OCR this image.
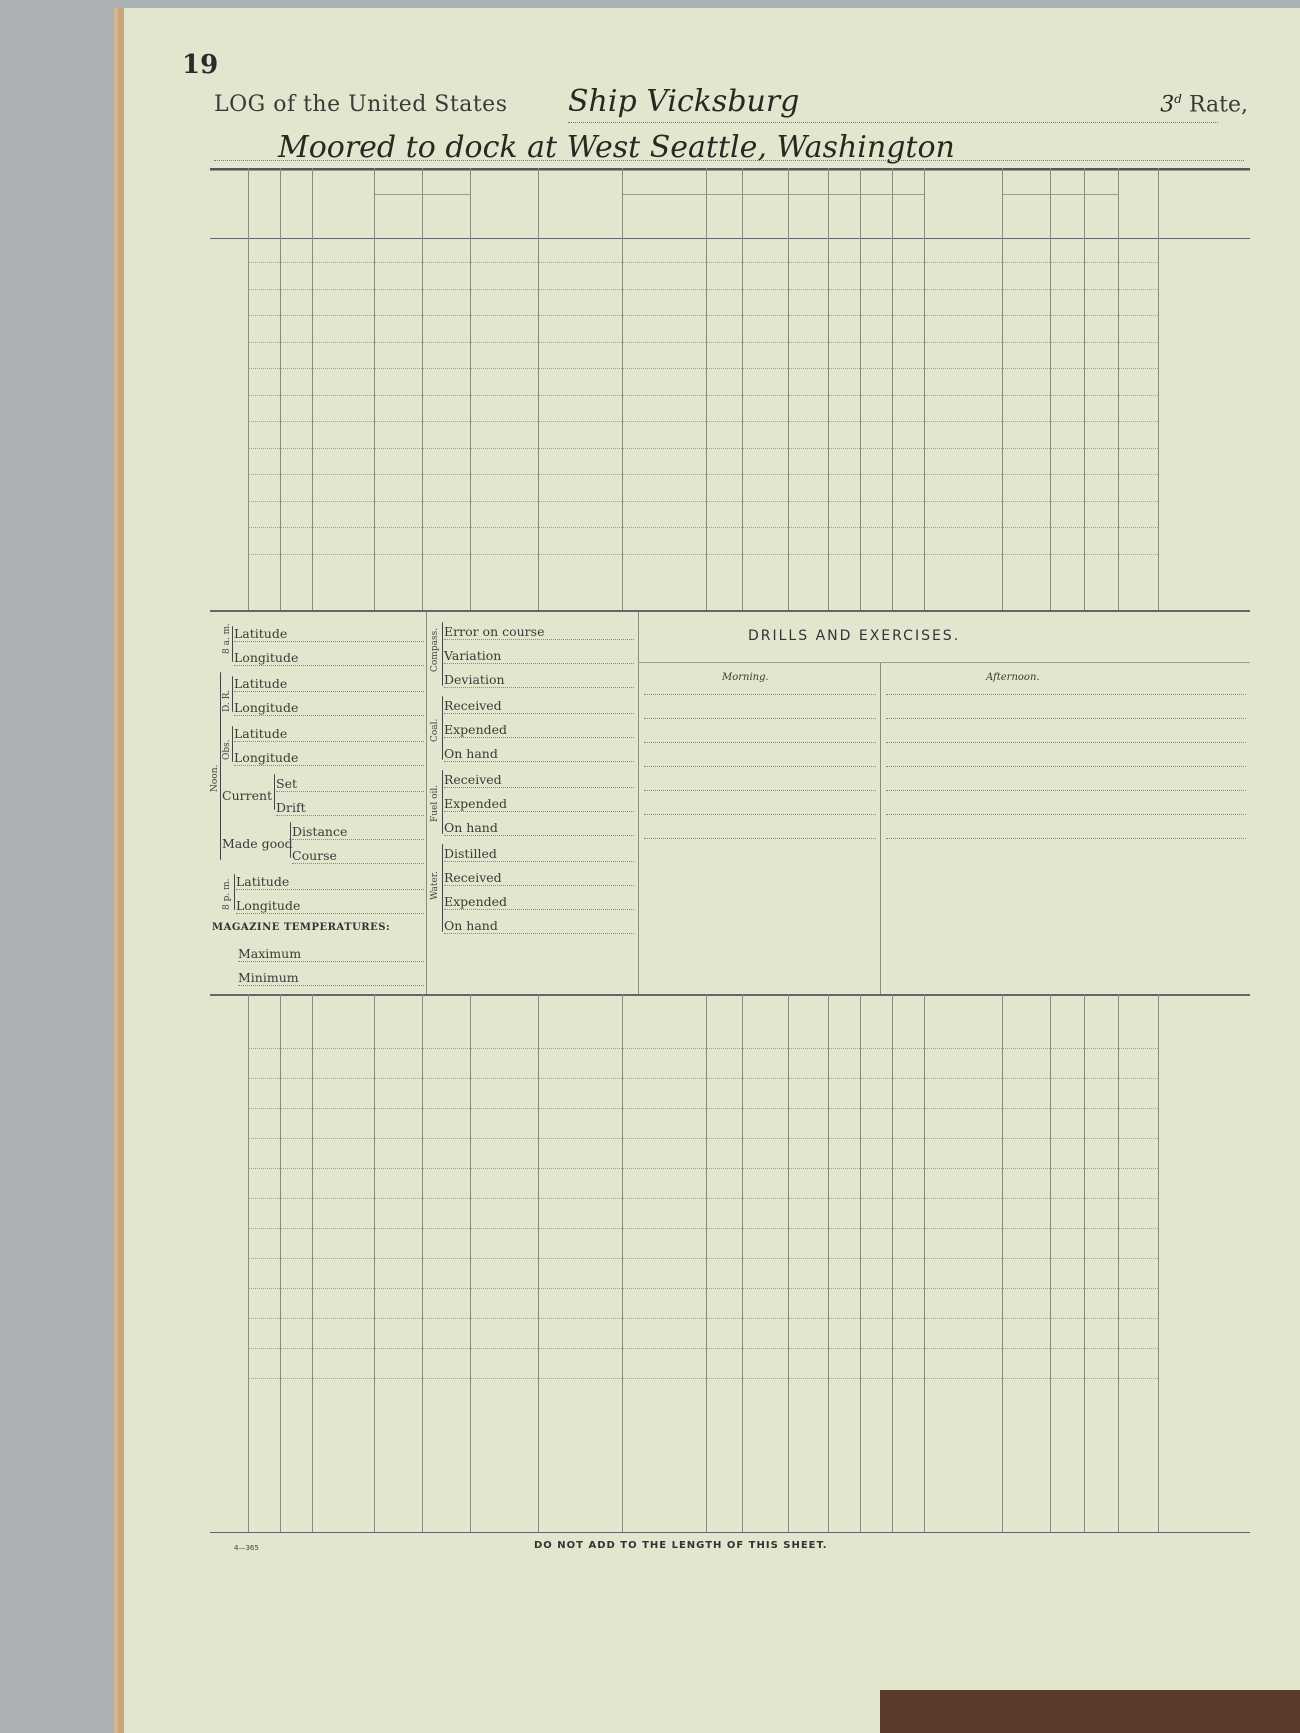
19
LOG of the United States Ship Vicksburg	3$^d$ Rate,
Moored to dock at West Seattle, Washington
8 a. m. Latitude
Longitude
D. R.
Latitude
Longitude
Obs.
Latitude
Longitude
Noon.
Current
Set
Drift
Made good
Distance
Course
8 p. m. Latitude
Longitude
MAGAZINE TEMPERATURES:
Maximum
Minimum
Compass. Error on course
Variation
Deviation
Coal.
Received
Expended
On hand
Fuel oil.
Received
Expended
On hand
Water.
Distilled
Received
Expended
On hand
DRILLS AND EXERCISES.
Morning.	Afternoon.
4—365	DO NOT ADD TO THE LENGTH OF THIS SHEET.
